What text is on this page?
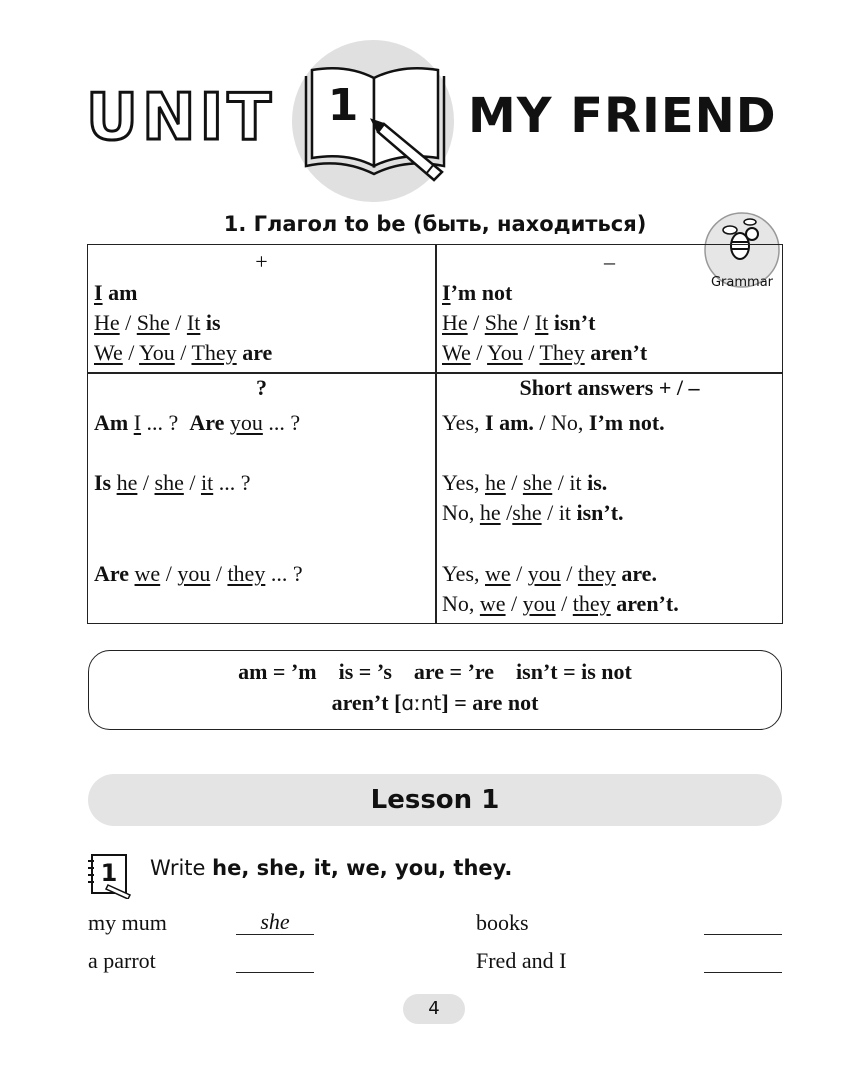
UNIT 1 MY FRIEND
1. Глагол to be (быть, находиться)
Grammar
+
I am
He / She / It is
We / You / They are
–
I’m not
He / She / It isn’t
We / You / They aren’t
?
Am I ... ? Are you ... ?
Is he / she / it ... ?
Are we / you / they ... ?
Short answers + / –
Yes, I am. / No, I’m not.
Yes, he / she / it is.
No, he /she / it isn’t.
Yes, we / you / they are.
No, we / you / they aren’t.
am = ’m    is = ’s    are = ’re    isn’t = is not
aren’t [ɑːnt] = are not
Lesson 1
1 Write he, she, it, we, you, they.
my mum	she
a parrot
books
Fred and I
4
